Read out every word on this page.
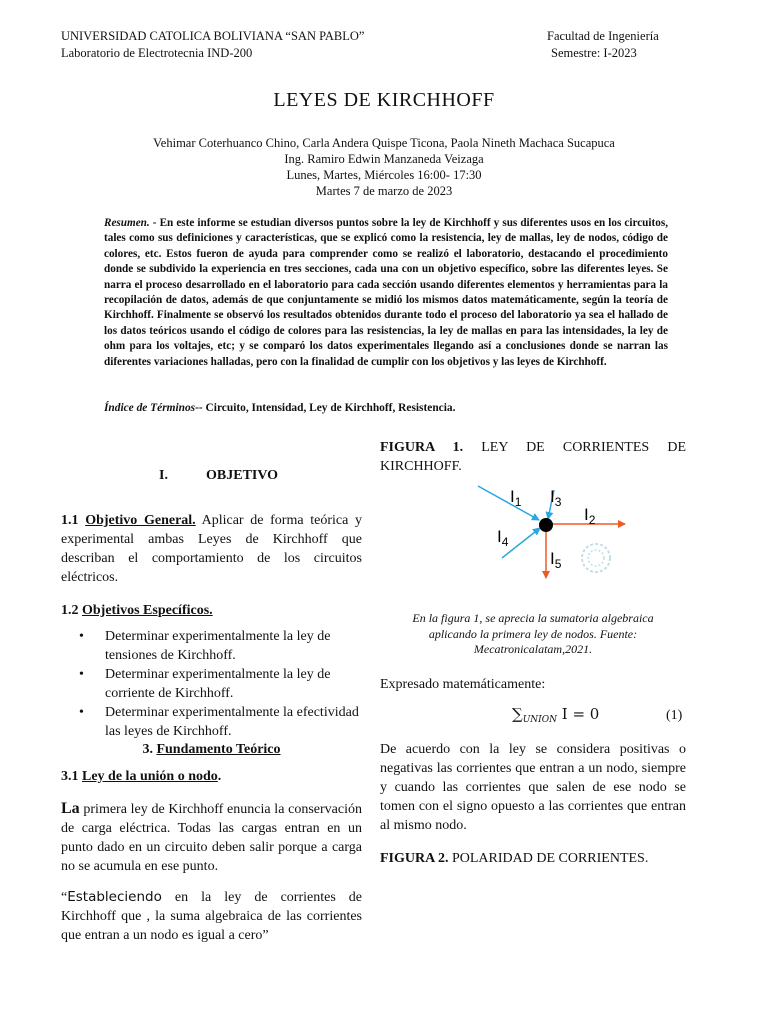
UNIVERSIDAD CATOLICA BOLIVIANA “SAN PABLO”
Laboratorio de Electrotecnia IND-200
Facultad de Ingeniería
Semestre: I-2023
LEYES DE KIRCHHOFF
Vehimar Coterhuanco Chino, Carla Andera Quispe Ticona, Paola Nineth Machaca Sucapuca
Ing. Ramiro Edwin Manzaneda Veizaga
Lunes, Martes, Miércoles 16:00- 17:30
Martes 7 de marzo de 2023
Resumen. - En este informe se estudian diversos puntos sobre la ley de Kirchhoff y sus diferentes usos en los circuitos, tales como sus definiciones y características, que se explicó como la resistencia, ley de mallas, ley de nodos, código de colores, etc. Estos fueron de ayuda para comprender como se realizó el laboratorio, destacando el procedimiento donde se subdivido la experiencia en tres secciones, cada una con un objetivo específico, sobre las diferentes leyes. Se narra el proceso desarrollado en el laboratorio para cada sección usando diferentes elementos y herramientas para la recopilación de datos, además de que conjuntamente se midió los mismos datos matemáticamente, según la teoría de Kirchhoff. Finalmente se observó los resultados obtenidos durante todo el proceso del laboratorio ya sea el hallado de los datos teóricos usando el código de colores para las resistencias, la ley de mallas en para las intensidades, la ley de ohm para los voltajes, etc; y se comparó los datos experimentales llegando así a conclusiones donde se narran las diferentes variaciones halladas, pero con la finalidad de cumplir con los objetivos y las leyes de Kirchhoff.
Índice de Términos-- Circuito, Intensidad, Ley de Kirchhoff, Resistencia.
I.	OBJETIVO
1.1 Objetivo General. Aplicar de forma teórica y experimental ambas Leyes de Kirchhoff que describan el comportamiento de los circuitos eléctricos.
1.2 Objetivos Específicos.
• Determinar experimentalmente la ley de tensiones de Kirchhoff.
• Determinar experimentalmente la ley de corriente de Kirchhoff.
• Determinar experimentalmente la efectividad las leyes de Kirchhoff.
3. Fundamento Teórico
3.1 Ley de la unión o nodo.
La primera ley de Kirchhoff enuncia la conservación de carga eléctrica. Todas las cargas entran en un punto dado en un circuito deben salir porque a carga no se acumula en ese punto.
“Estableciendo en la ley de corrientes de Kirchhoff que , la suma algebraica de las corrientes que entran a un nodo es igual a cero”
FIGURA 1. LEY DE CORRIENTES DE KIRCHHOFF.
$I_1$ $I_3$
$I_2$
$I_4$
$I_5$
En la figura 1, se aprecia la sumatoria algebraica aplicando la primera ley de nodos. Fuente: Mecatronicalatam,2021.
Expresado matemáticamente:
∑UNION I = 0	(1)
De acuerdo con la ley se considera positivas o negativas las corrientes que entran a un nodo, siempre y cuando las corrientes que salen de ese nodo se tomen con el signo opuesto a las corrientes que entran al mismo nodo.
FIGURA 2. POLARIDAD DE CORRIENTES.
